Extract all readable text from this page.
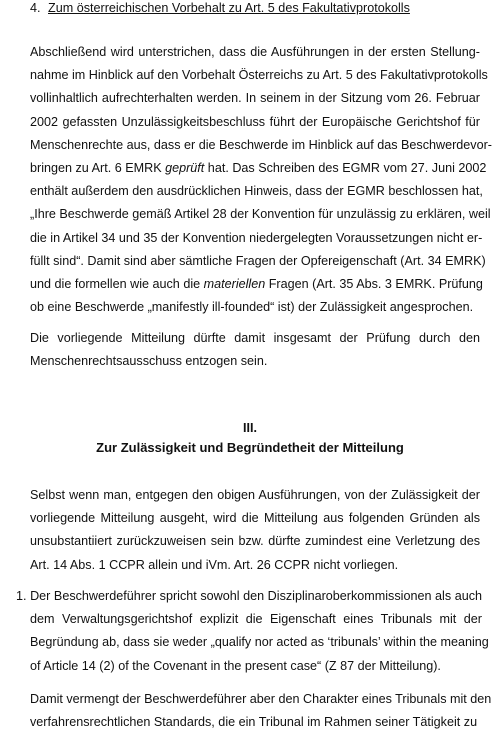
4. Zum österreichischen Vorbehalt zu Art. 5 des Fakultativprotokolls

Abschließend wird unterstrichen, dass die Ausführungen in der ersten Stellung-
nahme im Hinblick auf den Vorbehalt Österreichs zu Art. 5 des Fakultativprotokolls
vollinhaltlich aufrechterhalten werden. In seinem in der Sitzung vom 26. Februar
2002 gefassten Unzulässigkeitsbeschluss führt der Europäische Gerichtshof für
Menschenrechte aus, dass er die Beschwerde im Hinblick auf das Beschwerdevor-
bringen zu Art. 6 EMRK geprüft hat. Das Schreiben des EGMR vom 27. Juni 2002
enthält außerdem den ausdrücklichen Hinweis, dass der EGMR beschlossen hat,
„Ihre Beschwerde gemäß Artikel 28 der Konvention für unzulässig zu erklären, weil
die in Artikel 34 und 35 der Konvention niedergelegten Voraussetzungen nicht er-
füllt sind“. Damit sind aber sämtliche Fragen der Opfereigenschaft (Art. 34 EMRK)
und die formellen wie auch die materiellen Fragen (Art. 35 Abs. 3 EMRK. Prüfung
ob eine Beschwerde „manifestly ill-founded“ ist) der Zulässigkeit angesprochen.

Die vorliegende Mitteilung dürfte damit insgesamt der Prüfung durch den
Menschenrechtsausschuss entzogen sein.

III.
Zur Zulässigkeit und Begründetheit der Mitteilung

Selbst wenn man, entgegen den obigen Ausführungen, von der Zulässigkeit der
vorliegende Mitteilung ausgeht, wird die Mitteilung aus folgenden Gründen als
unsubstantiiert zurückzuweisen sein bzw. dürfte zumindest eine Verletzung des
Art. 14 Abs. 1 CCPR allein und iVm. Art. 26 CCPR nicht vorliegen.

1. Der Beschwerdeführer spricht sowohl den Disziplinaroberkommissionen als auch
dem Verwaltungsgerichtshof explizit die Eigenschaft eines Tribunals mit der
Begründung ab, dass sie weder „qualify nor acted as ‘tribunals’ within the meaning
of Article 14 (2) of the Covenant in the present case“ (Z 87 der Mitteilung).

Damit vermengt der Beschwerdeführer aber den Charakter eines Tribunals mit den
verfahrensrechtlichen Standards, die ein Tribunal im Rahmen seiner Tätigkeit zu
